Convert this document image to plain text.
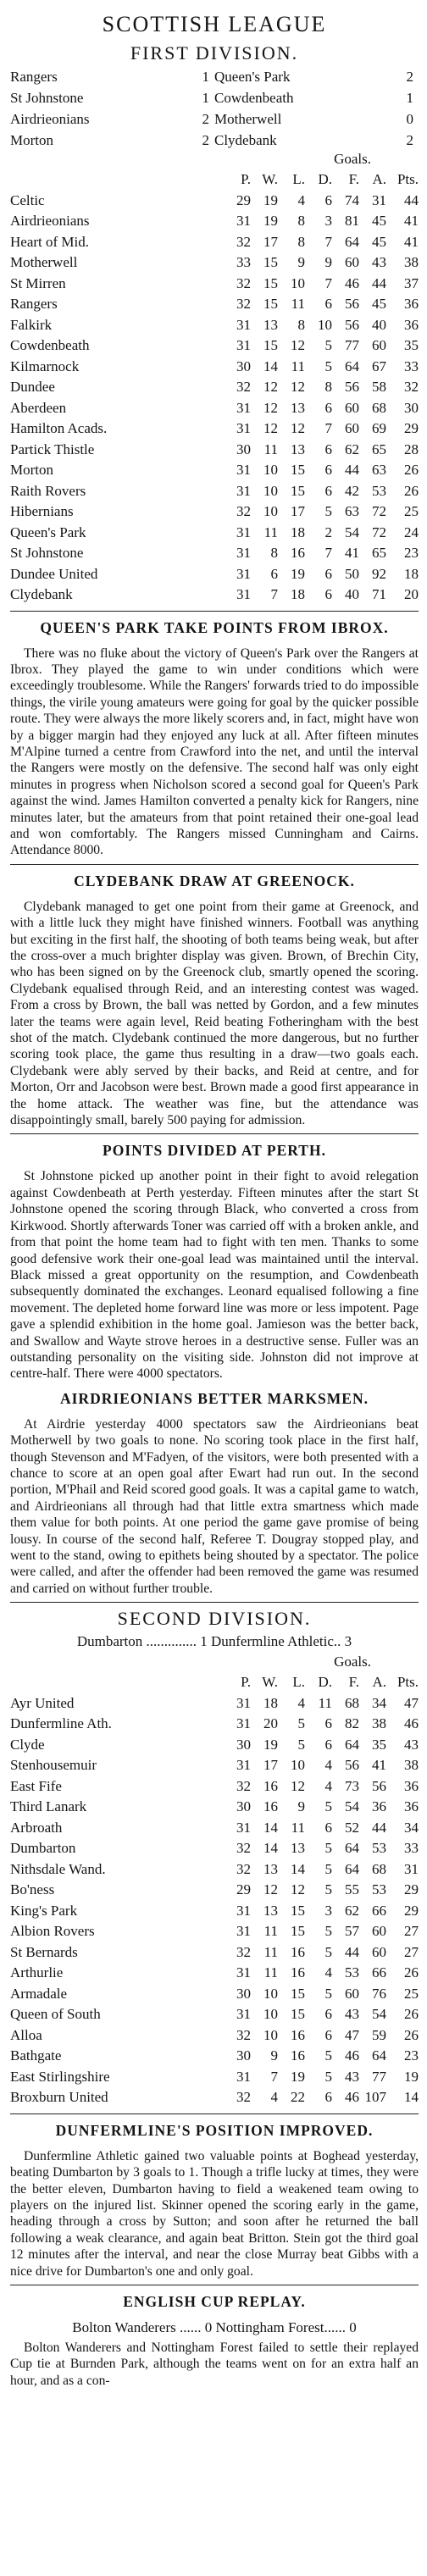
SCOTTISH LEAGUE
FIRST DIVISION.
Rangers	1 Queen's Park	2
St Johnstone	1 Cowdenbeath	1
Airdrieonians	2 Motherwell	0
Morton	2 Clydebank	2
Goals.
P. W.	L. D.	F. A. Pts.
Celtic	29 19	4	6 74 31	44
Airdrieonians	31 19	8	3 81 45	41
Heart of Mid.	32 17	8	7 64 45	41
Motherwell	33 15	9	9 60 43	38
St Mirren	32 15 10	7 46 44	37
Rangers	32 15 11	6 56 45	36
Falkirk	31 13	8 10 56 40	36
Cowdenbeath	31 15 12	5 77 60	35
Kilmarnock	30 14 11	5 64 67	33
Dundee	32 12 12	8 56 58	32
Aberdeen	31 12 13	6 60 68	30
Hamilton Acads.	31 12 12	7 60 69	29
Partick Thistle	30 11 13	6 62 65	28
Morton	31 10 15	6 44 63	26
Raith Rovers	31 10 15	6 42 53	26
Hibernians	32 10 17	5 63 72	25
Queen's Park	31 11 18	2 54 72	24
St Johnstone	31	8 16	7 41 65	23
Dundee United	31	6 19	6 50 92	18
Clydebank	31	7 18	6 40 71	20
QUEEN'S PARK TAKE POINTS FROM IBROX.

There was no fluke about the victory of Queen's Park over the Rangers at Ibrox. They played the game to win under conditions which were exceedingly troublesome. While the Rangers' forwards tried to do impossible things, the virile young amateurs were going for goal by the quicker possible route. They were always the more likely scorers and, in fact, might have won by a bigger margin had they enjoyed any luck at all. After fifteen minutes M'Alpine turned a centre from Crawford into the net, and until the interval the Rangers were mostly on the defensive. The second half was only eight minutes in progress when Nicholson scored a second goal for Queen's Park against the wind. James Hamilton converted a penalty kick for Rangers, nine minutes later, but the amateurs from that point retained their one-goal lead and won comfortably. The Rangers missed Cunningham and Cairns. Attendance 8000.

CLYDEBANK DRAW AT GREENOCK.

Clydebank managed to get one point from their game at Greenock, and with a little luck they might have finished winners. Football was anything but exciting in the first half, the shooting of both teams being weak, but after the cross-over a much brighter display was given. Brown, of Brechin City, who has been signed on by the Greenock club, smartly opened the scoring. Clydebank equalised through Reid, and an interesting contest was waged. From a cross by Brown, the ball was netted by Gordon, and a few minutes later the teams were again level, Reid beating Fotheringham with the best shot of the match. Clydebank continued the more dangerous, but no further scoring took place, the game thus resulting in a draw—two goals each. Clydebank were ably served by their backs, and Reid at centre, and for Morton, Orr and Jacobson were best. Brown made a good first appearance in the home attack. The weather was fine, but the attendance was disappointingly small, barely 500 paying for admission.

POINTS DIVIDED AT PERTH.

St Johnstone picked up another point in their fight to avoid relegation against Cowdenbeath at Perth yesterday. Fifteen minutes after the start St Johnstone opened the scoring through Black, who converted a cross from Kirkwood. Shortly afterwards Toner was carried off with a broken ankle, and from that point the home team had to fight with ten men. Thanks to some good defensive work their one-goal lead was maintained until the interval. Black missed a great opportunity on the resumption, and Cowdenbeath subsequently dominated the exchanges. Leonard equalised following a fine movement. The depleted home forward line was more or less impotent. Page gave a splendid exhibition in the home goal. Jamieson was the better back, and Swallow and Wayte strove heroes in a destructive sense. Fuller was an outstanding personality on the visiting side. Johnston did not improve at centre-half. There were 4000 spectators.

AIRDRIEONIANS BETTER MARKSMEN.

At Airdrie yesterday 4000 spectators saw the Airdrieonians beat Motherwell by two goals to none. No scoring took place in the first half, though Stevenson and M'Fadyen, of the visitors, were both presented with a chance to score at an open goal after Ewart had run out. In the second portion, M'Phail and Reid scored good goals. It was a capital game to watch, and Airdrieonians all through had that little extra smartness which made them value for both points. At one period the game gave promise of being lousy. In course of the second half, Referee T. Dougray stopped play, and went to the stand, owing to epithets being shouted by a spectator. The police were called, and after the offender had been removed the game was resumed and carried on without further trouble.

SECOND DIVISION.
Dumbarton .............. 1 Dunfermline Athletic.. 3
Goals.
P. W.	L. D.	F. A. Pts.
Ayr United	31 18	4 11 68 34	47
Dunfermline Ath.	31 20	5	6 82 38	46
Clyde	30 19	5	6 64 35	43
Stenhousemuir	31 17 10	4 56 41	38
East Fife	32 16 12	4 73 56	36
Third Lanark	30 16	9	5 54 36	36
Arbroath	31 14 11	6 52 44	34
Dumbarton	32 14 13	5 64 53	33
Nithsdale Wand.	32 13 14	5 64 68	31
Bo'ness	29 12 12	5 55 53	29
King's Park	31 13 15	3 62 66	29
Albion Rovers	31 11 15	5 57 60	27
St Bernards	32 11 16	5 44 60	27
Arthurlie	31 11 16	4 53 66	26
Armadale	30 10 15	5 60 76	25
Queen of South	31 10 15	6 43 54	26
Alloa	32 10 16	6 47 59	26
Bathgate	30	9 16	5 46 64	23
East Stirlingshire	31	7 19	5 43 77	19
Broxburn United	32	4 22	6 46 107	14
DUNFERMLINE'S POSITION IMPROVED.

Dunfermline Athletic gained two valuable points at Boghead yesterday, beating Dumbarton by 3 goals to 1. Though a trifle lucky at times, they were the better eleven, Dumbarton having to field a weakened team owing to players on the injured list. Skinner opened the scoring early in the game, heading through a cross by Sutton; and soon after he returned the ball following a weak clearance, and again beat Britton. Stein got the third goal 12 minutes after the interval, and near the close Murray beat Gibbs with a nice drive for Dumbarton's one and only goal.

ENGLISH CUP REPLAY.
Bolton Wanderers ...... 0 Nottingham Forest...... 0

Bolton Wanderers and Nottingham Forest failed to settle their replayed Cup tie at Burnden Park, although the teams went on for an extra half an hour, and as a con-
